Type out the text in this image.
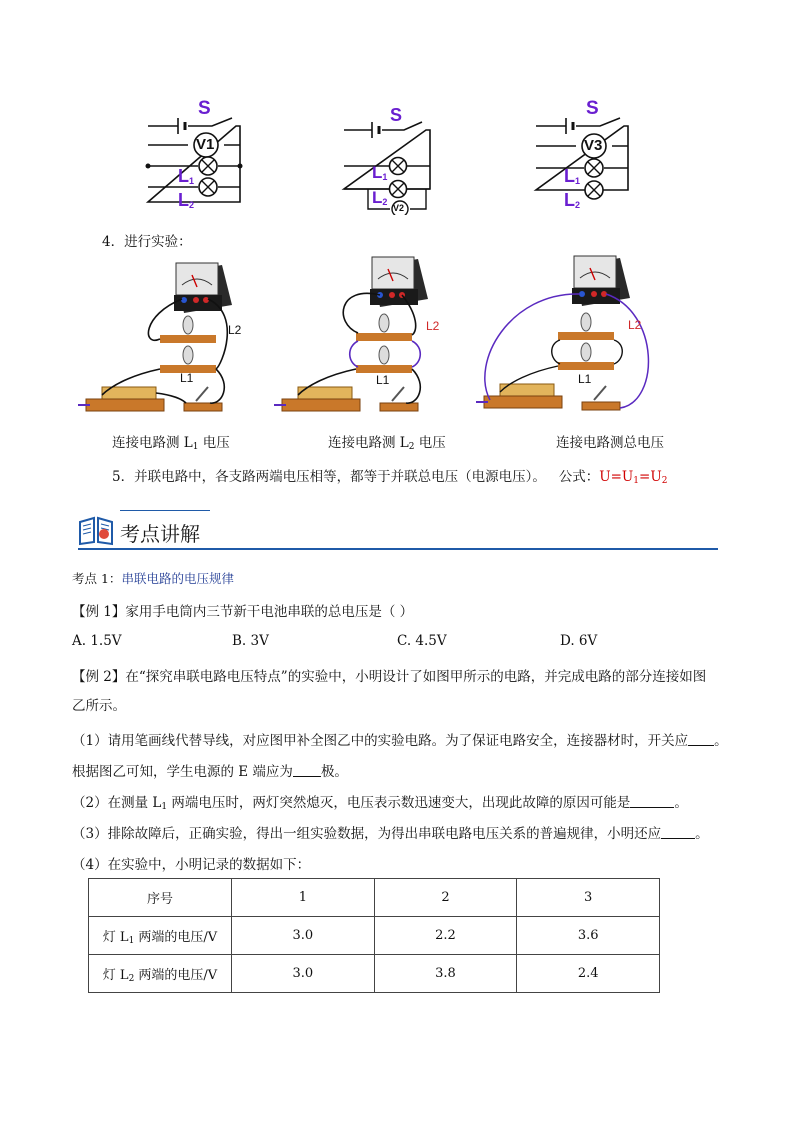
S
V1
$L_1$
$L_2$
S
V2
$L_1$
$L_2$
S
V3
$L_1$
$L_2$
4．进行实验：
L1
L2
连接电路测 $L_1$ 电压
L1
L2
连接电路测 $L_2$ 电压
L1
L2
连接电路测总电压
5．并联电路中，各支路两端电压相等，都等于并联总电压（电源电压）。 公式：$U=U_1=U_2$
考点讲解
考点 1：串联电路的电压规律
【例 1】家用手电筒内三节新干电池串联的总电压是（ ）
A. 1.5V	B. 3V	C. 4.5V	D. 6V
【例 2】在“探究串联电路电压特点”的实验中，小明设计了如图甲所示的电路，并完成电路的部分连接如图
乙所示。
（1）请用笔画线代替导线，对应图甲补全图乙中的实验电路。为了保证电路安全，连接器材时，开关应 。
根据图乙可知，学生电源的 E 端应为 极。
（2）在测量 $L_1$ 两端电压时，两灯突然熄灭，电压表示数迅速变大，出现此故障的原因可能是	。
（3）排除故障后，正确实验，得出一组实验数据，为得出串联电路电压关系的普遍规律，小明还应	。
（4）在实验中，小明记录的数据如下：
序号	1	2	3
灯 $L_1$ 两端的电压/V	3.0	2.2	3.6
灯 $L_2$ 两端的电压/V	3.0	3.8	2.4
